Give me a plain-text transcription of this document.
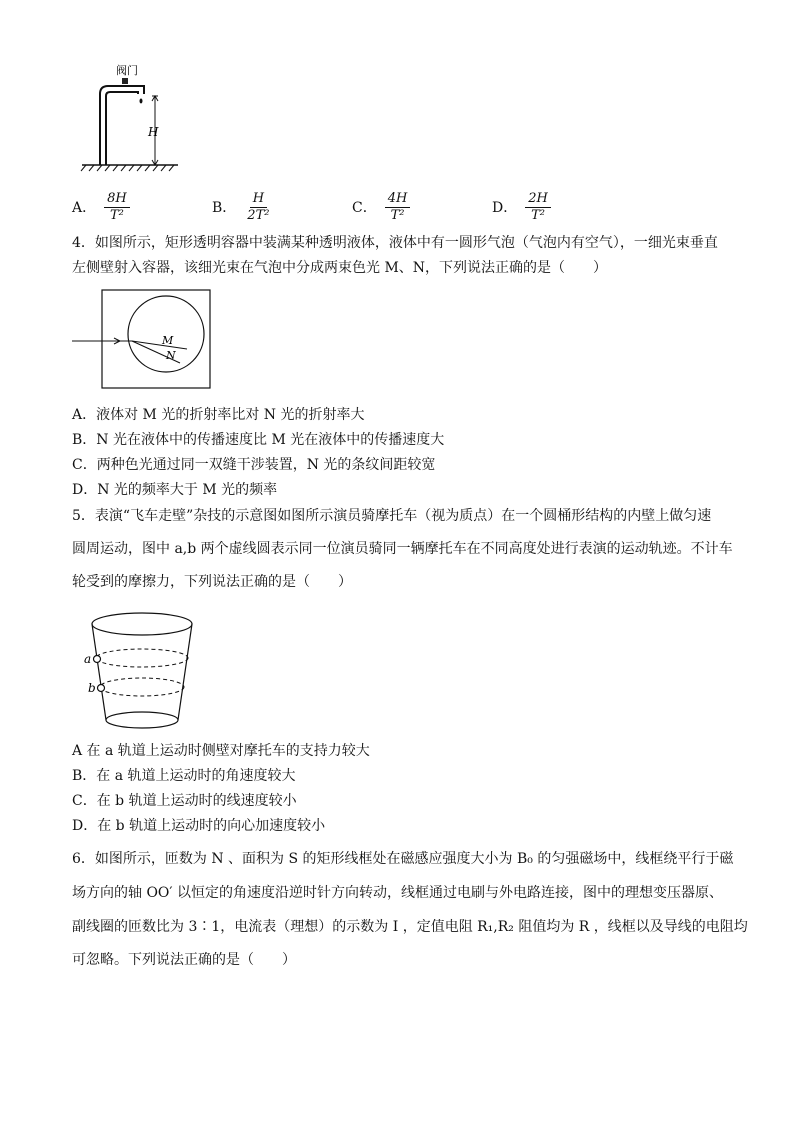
阀门
H
A． $\frac{8H}{\text{T²}}$	B． $\frac{H}{\text{2T²}}$	C． $\frac{4H}{\text{T²}}$	D． $\frac{2H}{\text{T²}}$
4．如图所示，矩形透明容器中装满某种透明液体，液体中有一圆形气泡（气泡内有空气），一细光束垂直
左侧壁射入容器，该细光束在气泡中分成两束色光 M、N，下列说法正确的是（　　）
M
N
A．液体对 M 光的折射率比对 N 光的折射率大
B．N 光在液体中的传播速度比 M 光在液体中的传播速度大
C．两种色光通过同一双缝干涉装置，N 光的条纹间距较宽
D．N 光的频率大于 M 光的频率
5．表演“飞车走壁”杂技的示意图如图所示演员骑摩托车（视为质点）在一个圆桶形结构的内壁上做匀速
圆周运动，图中 a,b 两个虚线圆表示同一位演员骑同一辆摩托车在不同高度处进行表演的运动轨迹。不计车
轮受到的摩擦力，下列说法正确的是（　　）
a
b
A 在 a 轨道上运动时侧壁对摩托车的支持力较大
B．在 a 轨道上运动时的角速度较大
C．在 b 轨道上运动时的线速度较小
D．在 b 轨道上运动时的向心加速度较小
6．如图所示，匝数为 N 、面积为 S 的矩形线框处在磁感应强度大小为 B₀ 的匀强磁场中，线框绕平行于磁
场方向的轴 OO′ 以恒定的角速度沿逆时针方向转动，线框通过电刷与外电路连接，图中的理想变压器原、
副线圈的匝数比为 3∶1，电流表（理想）的示数为 I ，定值电阻 R₁,R₂ 阻值均为 R ，线框以及导线的电阻均
可忽略。下列说法正确的是（　　）
